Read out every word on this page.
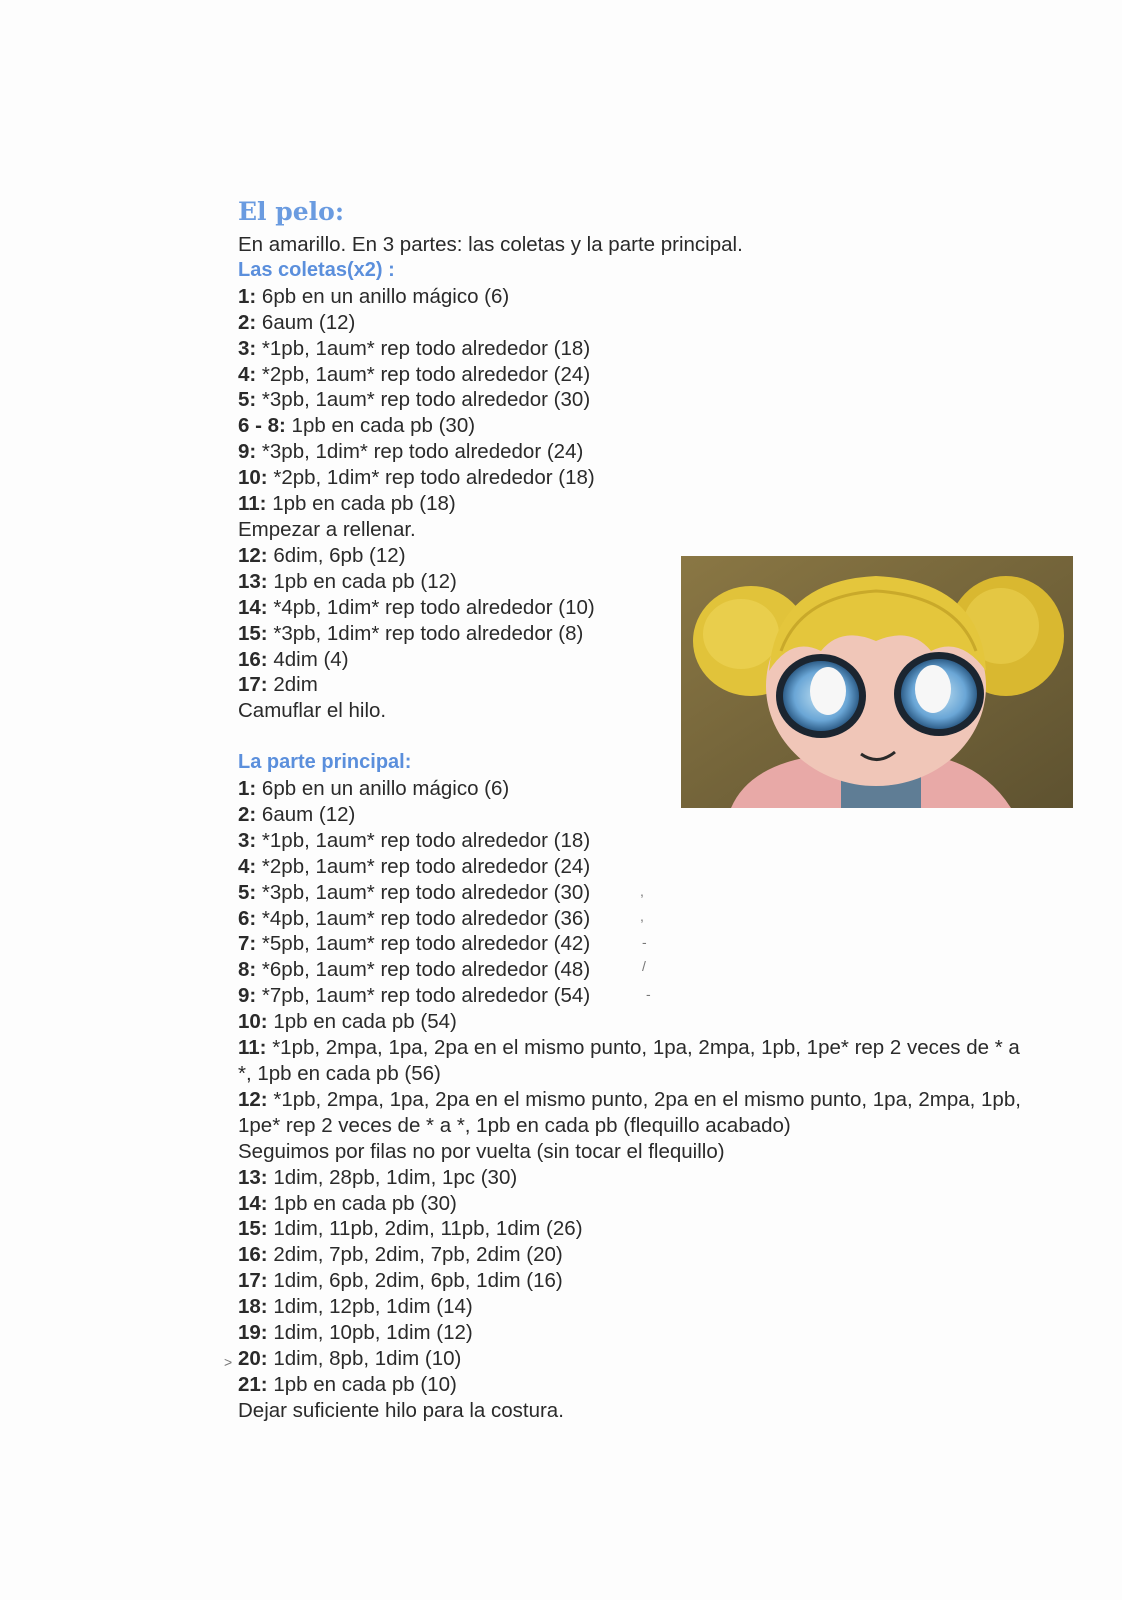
El pelo:
En amarillo. En 3 partes: las coletas y la parte principal.
Las coletas(x2) :
1: 6pb en un anillo mágico (6)
2: 6aum (12)
3: *1pb, 1aum* rep todo alrededor (18)
4: *2pb, 1aum* rep todo alrededor (24)
5: *3pb, 1aum* rep todo alrededor (30)
6 - 8: 1pb en cada pb (30)
9: *3pb, 1dim* rep todo alrededor (24)
10: *2pb, 1dim* rep todo alrededor (18)
11: 1pb en cada pb (18)
Empezar a rellenar.
12: 6dim, 6pb (12)
13: 1pb en cada pb (12)
14: *4pb, 1dim* rep todo alrededor (10)
15: *3pb, 1dim* rep todo alrededor (8)
16: 4dim (4)
17: 2dim
Camuflar el hilo.
La parte principal:
1: 6pb en un anillo mágico (6)
2: 6aum (12)
3: *1pb, 1aum* rep todo alrededor (18)
4: *2pb, 1aum* rep todo alrededor (24)
5: *3pb, 1aum* rep todo alrededor (30)
6: *4pb, 1aum* rep todo alrededor (36)
7: *5pb, 1aum* rep todo alrededor (42)
8: *6pb, 1aum* rep todo alrededor (48)
9: *7pb, 1aum* rep todo alrededor (54)
10: 1pb en cada pb (54)
11: *1pb, 2mpa, 1pa, 2pa en el mismo punto, 1pa, 2mpa, 1pb, 1pe* rep 2 veces de * a *, 1pb en cada pb (56)
12: *1pb, 2mpa, 1pa, 2pa en el mismo punto, 2pa en el mismo punto, 1pa, 2mpa, 1pb, 1pe* rep 2 veces de * a *, 1pb en cada pb (flequillo acabado)
Seguimos por filas no por vuelta (sin tocar el flequillo)
13: 1dim, 28pb, 1dim, 1pc (30)
14: 1pb en cada pb (30)
15: 1dim, 11pb, 2dim, 11pb, 1dim (26)
16: 2dim, 7pb, 2dim, 7pb, 2dim (20)
17: 1dim, 6pb, 2dim, 6pb, 1dim (16)
18: 1dim, 12pb, 1dim (14)
19: 1dim, 10pb, 1dim (12)
20: 1dim, 8pb, 1dim (10)
21: 1pb en cada pb (10)
Dejar suficiente hilo para la costura.
,
,
-
/
-
>
